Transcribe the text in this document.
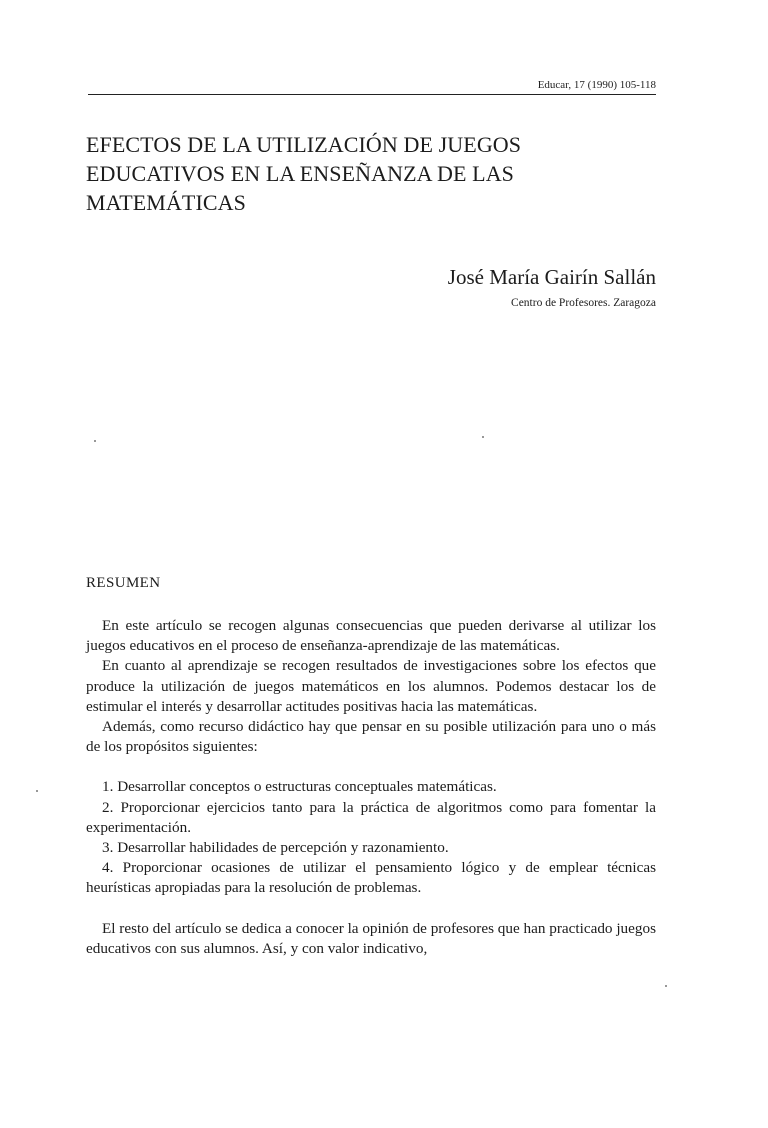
Educar, 17 (1990) 105-118
EFECTOS DE LA UTILIZACIÓN DE JUEGOS
EDUCATIVOS EN LA ENSEÑANZA DE LAS
MATEMÁTICAS
José María Gairín Sallán
Centro de Profesores. Zaragoza
RESUMEN

En este artículo se recogen algunas consecuencias que pueden derivarse al utilizar los juegos educativos en el proceso de enseñanza-aprendizaje de las matemáticas.

En cuanto al aprendizaje se recogen resultados de investigaciones sobre los efectos que produce la utilización de juegos matemáticos en los alumnos. Podemos destacar los de estimular el interés y desarrollar actitudes positivas hacia las matemáticas.

Además, como recurso didáctico hay que pensar en su posible utilización para uno o más de los propósitos siguientes:

1. Desarrollar conceptos o estructuras conceptuales matemáticas.
2. Proporcionar ejercicios tanto para la práctica de algoritmos como para fomentar la experimentación.
3. Desarrollar habilidades de percepción y razonamiento.
4. Proporcionar ocasiones de utilizar el pensamiento lógico y de emplear técnicas heurísticas apropiadas para la resolución de problemas.

El resto del artículo se dedica a conocer la opinión de profesores que han practicado juegos educativos con sus alumnos. Así, y con valor indicativo,
